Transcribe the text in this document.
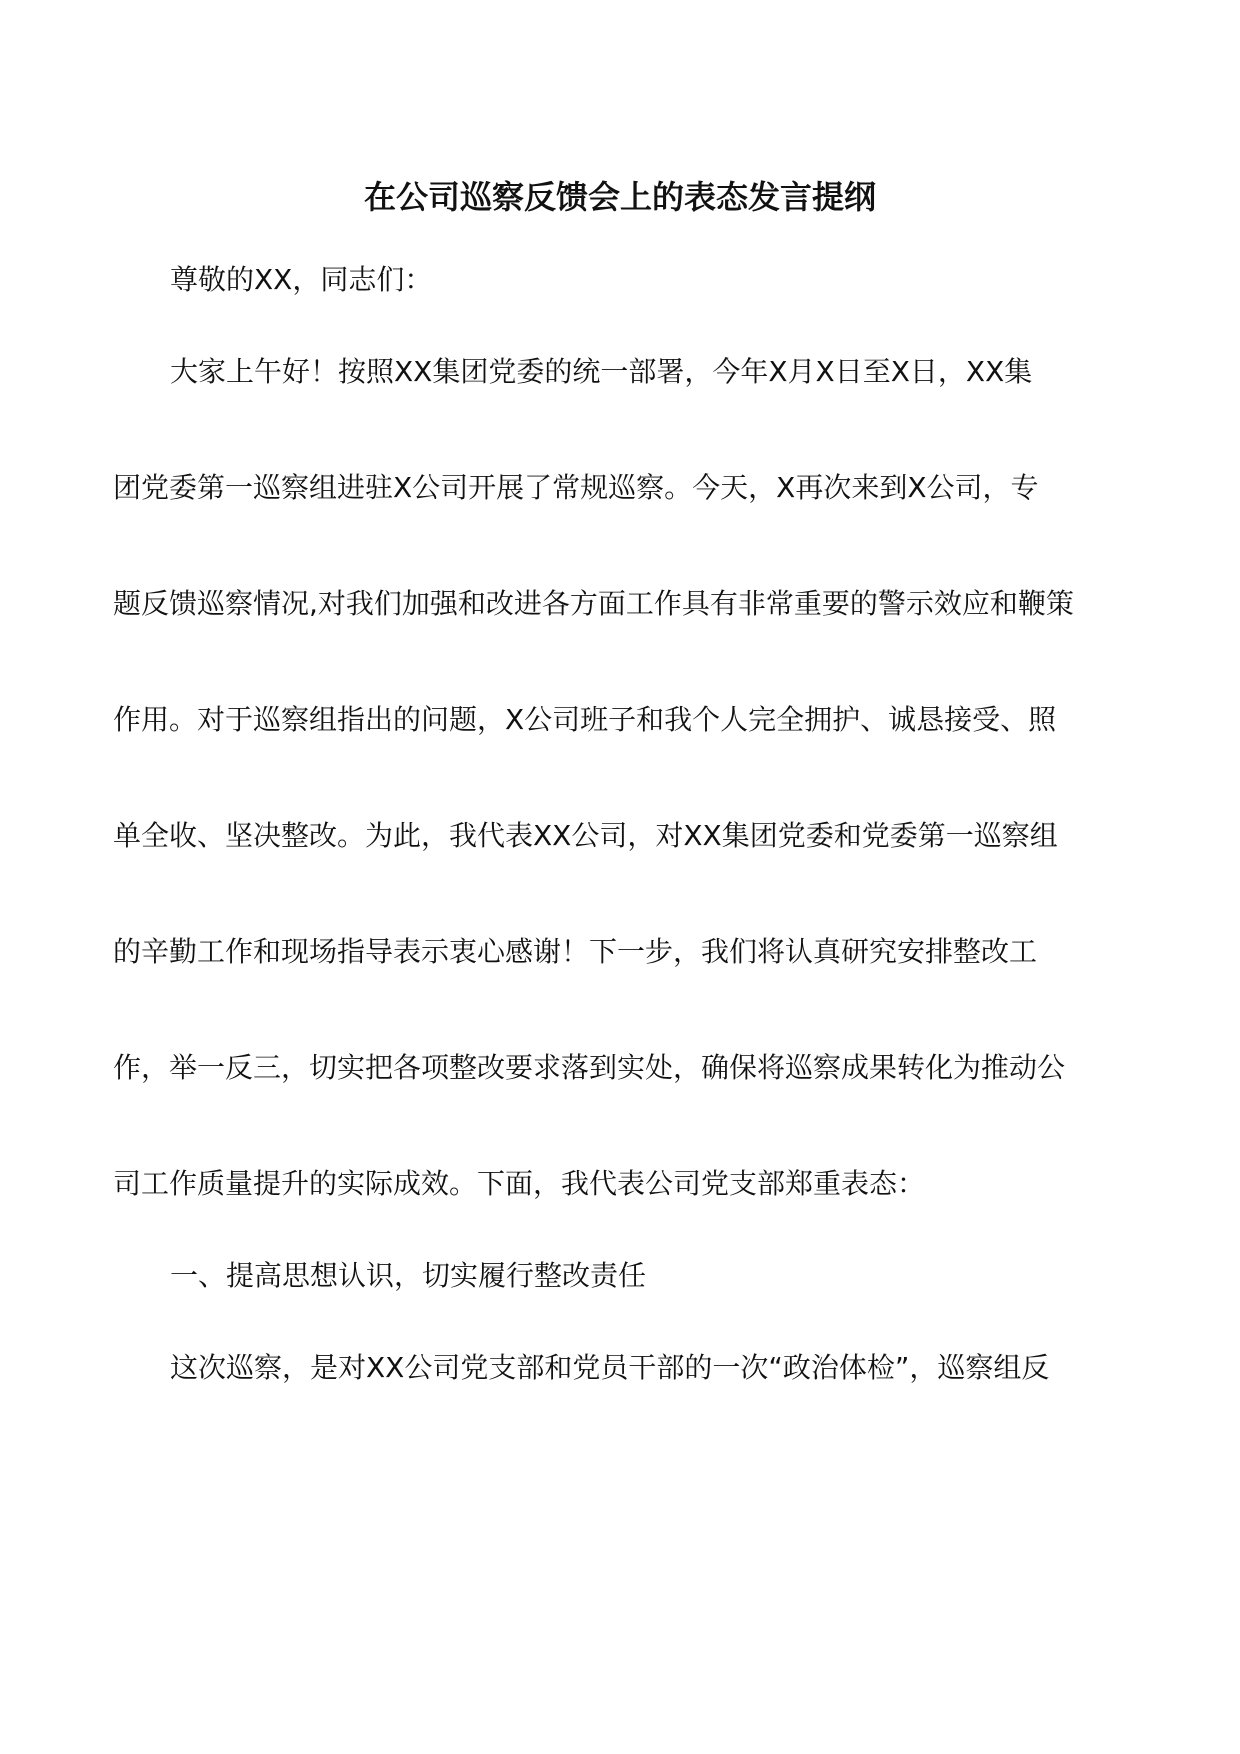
在公司巡察反馈会上的表态发言提纲
尊敬的XX，同志们：
大家上午好！按照XX集团党委的统一部署，今年X月X日至X日，XX集
团党委第一巡察组进驻X公司开展了常规巡察。今天，X再次来到X公司，专
题反馈巡察情况,对我们加强和改进各方面工作具有非常重要的警示效应和鞭策
作用。对于巡察组指出的问题，X公司班子和我个人完全拥护、诚恳接受、照
单全收、坚决整改。为此，我代表XX公司，对XX集团党委和党委第一巡察组
的辛勤工作和现场指导表示衷心感谢！下一步，我们将认真研究安排整改工
作，举一反三，切实把各项整改要求落到实处，确保将巡察成果转化为推动公
司工作质量提升的实际成效。下面，我代表公司党支部郑重表态：
一、提高思想认识，切实履行整改责任
这次巡察，是对XX公司党支部和党员干部的一次“政治体检”，巡察组反
